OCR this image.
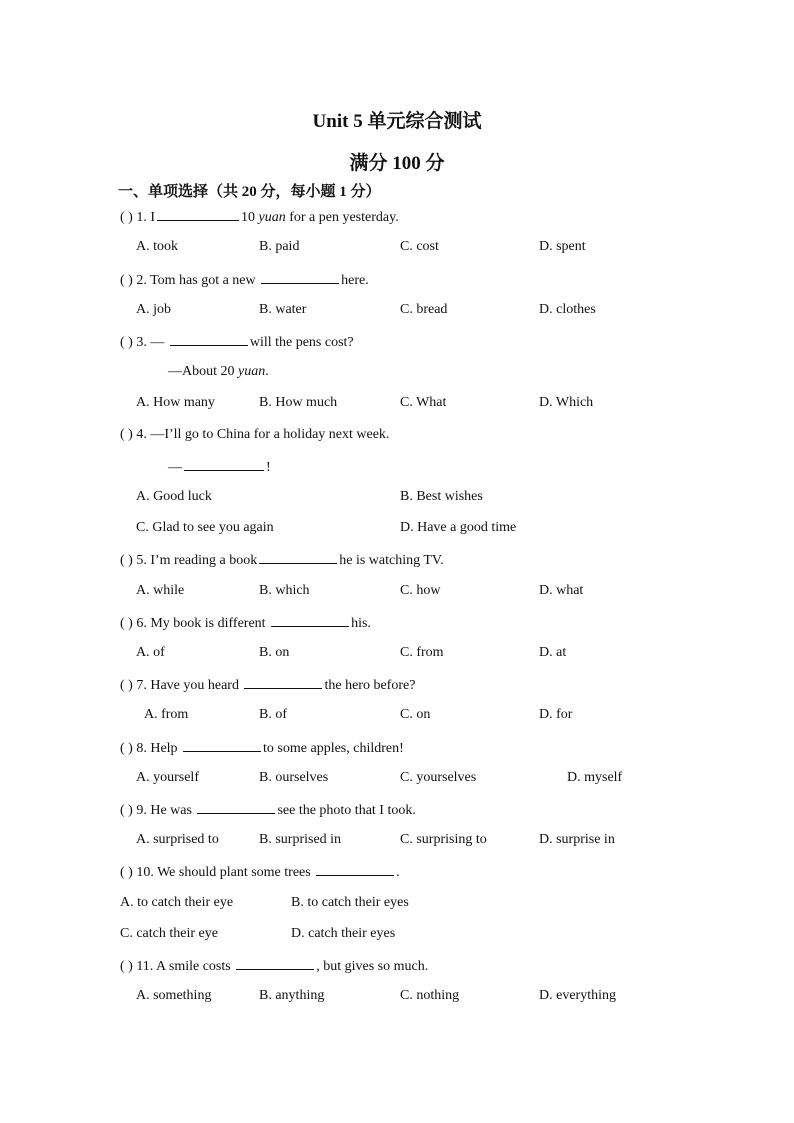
Unit 5 单元综合测试
满分 100 分
一、单项选择（共 20 分，每小题 1 分）
( ) 1. I	10 yuan for a pen yesterday.
A. took	B. paid	C. cost	D. spent
( ) 2. Tom has got a new	here.
A. job	B. water	C. bread	D. clothes
( ) 3. —	will the pens cost?
—About 20 yuan.
A. How many	B. How much	C. What	D. Which
( ) 4. —I’ll go to China for a holiday next week.
—	!
A. Good luck	B. Best wishes
C. Glad to see you again	D. Have a good time
( ) 5. I’m reading a book	he is watching TV.
A. while	B. which	C. how	D. what
( ) 6. My book is different	his.
A. of	B. on	C. from	D. at
( ) 7. Have you heard	the hero before?
A. from	B. of	C. on	D. for
( ) 8. Help	to some apples, children!
A. yourself	B. ourselves	C. yourselves	D. myself
( ) 9. He was	see the photo that I took.
A. surprised to	B. surprised in	C. surprising to	D. surprise in
( ) 10. We should plant some trees	.
A. to catch their eye	B. to catch their eyes
C. catch their eye	D. catch their eyes
( ) 11. A smile costs	, but gives so much.
A. something	B. anything	C. nothing	D. everything
